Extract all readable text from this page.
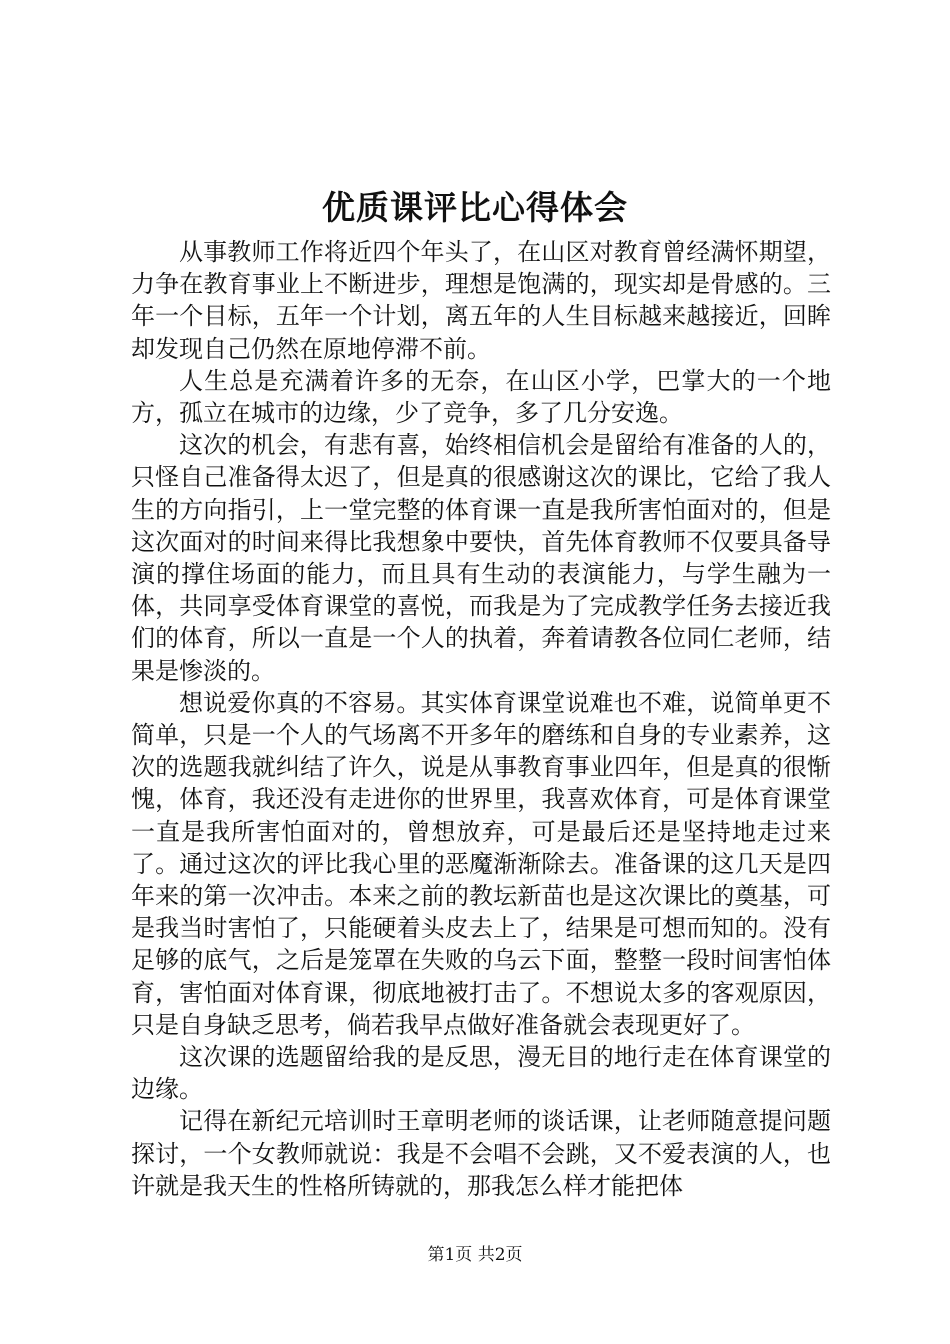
优质课评比心得体会

从事教师工作将近四个年头了，在山区对教育曾经满怀期望，力争在教育事业上不断进步，理想是饱满的，现实却是骨感的。三年一个目标，五年一个计划，离五年的人生目标越来越接近，回眸却发现自己仍然在原地停滞不前。

人生总是充满着许多的无奈，在山区小学，巴掌大的一个地方，孤立在城市的边缘，少了竞争，多了几分安逸。

这次的机会，有悲有喜，始终相信机会是留给有准备的人的，只怪自己准备得太迟了，但是真的很感谢这次的课比，它给了我人生的方向指引，上一堂完整的体育课一直是我所害怕面对的，但是这次面对的时间来得比我想象中要快，首先体育教师不仅要具备导演的撑住场面的能力，而且具有生动的表演能力，与学生融为一体，共同享受体育课堂的喜悦，而我是为了完成教学任务去接近我们的体育，所以一直是一个人的执着，奔着请教各位同仁老师，结果是惨淡的。

想说爱你真的不容易。其实体育课堂说难也不难，说简单更不简单，只是一个人的气场离不开多年的磨练和自身的专业素养，这次的选题我就纠结了许久，说是从事教育事业四年，但是真的很惭愧，体育，我还没有走进你的世界里，我喜欢体育，可是体育课堂一直是我所害怕面对的，曾想放弃，可是最后还是坚持地走过来了。通过这次的评比我心里的恶魔渐渐除去。准备课的这几天是四年来的第一次冲击。本来之前的教坛新苗也是这次课比的奠基，可是我当时害怕了，只能硬着头皮去上了，结果是可想而知的。没有足够的底气，之后是笼罩在失败的乌云下面，整整一段时间害怕体育，害怕面对体育课，彻底地被打击了。不想说太多的客观原因，只是自身缺乏思考，倘若我早点做好准备就会表现更好了。

这次课的选题留给我的是反思，漫无目的地行走在体育课堂的边缘。

记得在新纪元培训时王章明老师的谈话课，让老师随意提问题探讨，一个女教师就说：我是不会唱不会跳，又不爱表演的人，也许就是我天生的性格所铸就的，那我怎么样才能把体

第1页 共2页
